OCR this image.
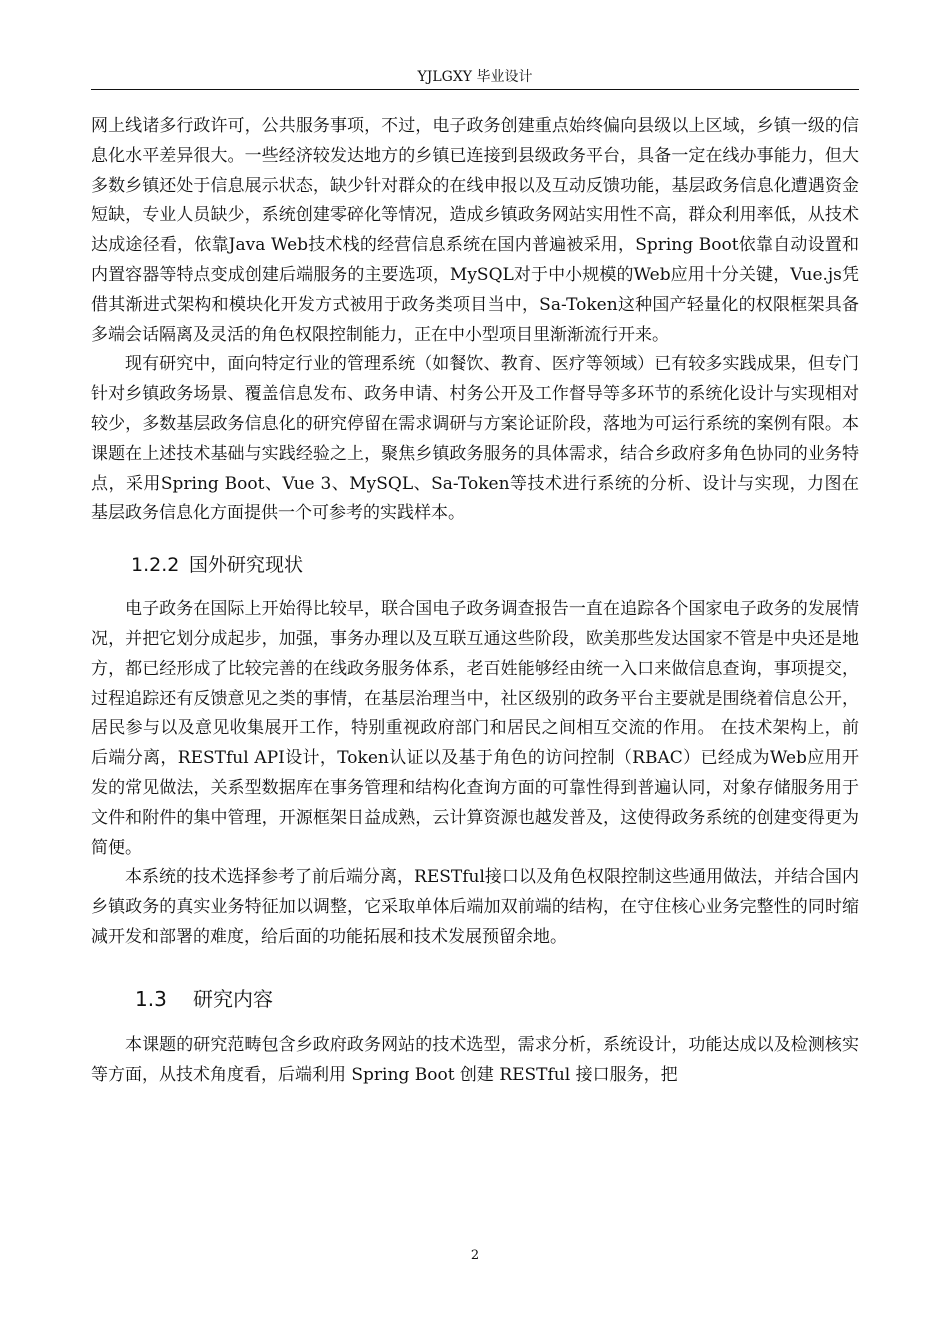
YJLGXY 毕业设计

网上线诸多行政许可，公共服务事项，不过，电子政务创建重点始终偏向县级以上区域，乡镇一级的信息化水平差异很大。一些经济较发达地方的乡镇已连接到县级政务平台，具备一定在线办事能力，但大多数乡镇还处于信息展示状态，缺少针对群众的在线申报以及互动反馈功能，基层政务信息化遭遇资金短缺，专业人员缺少，系统创建零碎化等情况，造成乡镇政务网站实用性不高，群众利用率低，从技术达成途径看，依靠Java Web技术栈的经营信息系统在国内普遍被采用，Spring Boot依靠自动设置和内置容器等特点变成创建后端服务的主要选项，MySQL对于中小规模的Web应用十分关键，Vue.js凭借其渐进式架构和模块化开发方式被用于政务类项目当中，Sa-Token这种国产轻量化的权限框架具备多端会话隔离及灵活的角色权限控制能力，正在中小型项目里渐渐流行开来。

现有研究中，面向特定行业的管理系统（如餐饮、教育、医疗等领域）已有较多实践成果，但专门针对乡镇政务场景、覆盖信息发布、政务申请、村务公开及工作督导等多环节的系统化设计与实现相对较少，多数基层政务信息化的研究停留在需求调研与方案论证阶段，落地为可运行系统的案例有限。本课题在上述技术基础与实践经验之上，聚焦乡镇政务服务的具体需求，结合乡政府多角色协同的业务特点，采用Spring Boot、Vue 3、MySQL、Sa-Token等技术进行系统的分析、设计与实现，力图在基层政务信息化方面提供一个可参考的实践样本。

1.2.2 国外研究现状

电子政务在国际上开始得比较早，联合国电子政务调查报告一直在追踪各个国家电子政务的发展情况，并把它划分成起步，加强，事务办理以及互联互通这些阶段，欧美那些发达国家不管是中央还是地方，都已经形成了比较完善的在线政务服务体系，老百姓能够经由统一入口来做信息查询，事项提交，过程追踪还有反馈意见之类的事情，在基层治理当中，社区级别的政务平台主要就是围绕着信息公开，居民参与以及意见收集展开工作，特别重视政府部门和居民之间相互交流的作用。 在技术架构上，前后端分离，RESTful API设计，Token认证以及基于角色的访问控制（RBAC）已经成为Web应用开发的常见做法，关系型数据库在事务管理和结构化查询方面的可靠性得到普遍认同，对象存储服务用于文件和附件的集中管理，开源框架日益成熟，云计算资源也越发普及，这使得政务系统的创建变得更为简便。

本系统的技术选择参考了前后端分离，RESTful接口以及角色权限控制这些通用做法，并结合国内乡镇政务的真实业务特征加以调整，它采取单体后端加双前端的结构，在守住核心业务完整性的同时缩减开发和部署的难度，给后面的功能拓展和技术发展预留余地。

1.3 研究内容

本课题的研究范畴包含乡政府政务网站的技术选型，需求分析，系统设计，功能达成以及检测核实等方面，从技术角度看，后端利用 Spring Boot 创建 RESTful 接口服务，把

2
